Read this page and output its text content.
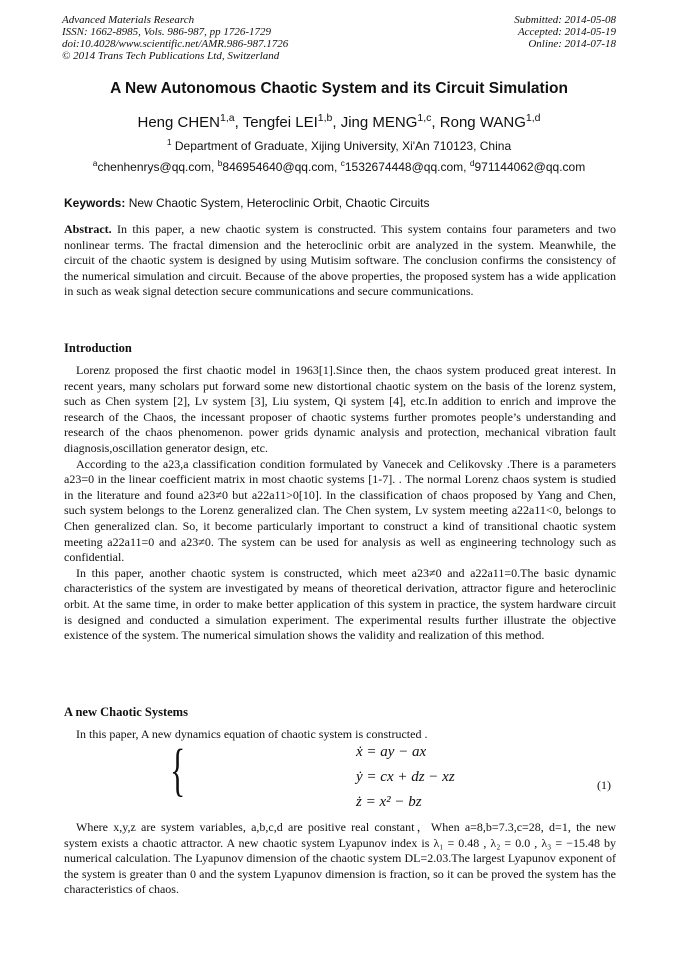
Advanced Materials Research
ISSN: 1662-8985, Vols. 986-987, pp 1726-1729
doi:10.4028/www.scientific.net/AMR.986-987.1726
© 2014 Trans Tech Publications Ltd, Switzerland
Submitted: 2014-05-08
Accepted: 2014-05-19
Online: 2014-07-18
A New Autonomous Chaotic System and its Circuit Simulation
Heng CHEN$^{1,a}$, Tengfei LEI$^{1,b}$, Jing MENG$^{1,c}$, Rong WANG$^{1,d}$
$^1$ Department of Graduate, Xijing University, Xi'An 710123, China
$^a$chenhenrys@qq.com, $^b$846954640@qq.com, $^c$1532674448@qq.com, $^d$971144062@qq.com
Keywords: New Chaotic System, Heteroclinic Orbit, Chaotic Circuits

Abstract. In this paper, a new chaotic system is constructed. This system contains four parameters and two nonlinear terms. The fractal dimension and the heteroclinic orbit are analyzed in the system. Meanwhile, the circuit of the chaotic system is designed by using Mutisim software. The conclusion confirms the consistency of the numerical simulation and circuit. Because of the above properties, the proposed system has a wide application in such as weak signal detection secure communications and secure communications.

Introduction

Lorenz proposed the first chaotic model in 1963[1].Since then, the chaos system produced great interest. In recent years, many scholars put forward some new distortional chaotic system on the basis of the lorenz system, such as Chen system [2], Lv system [3], Liu system, Qi system [4], etc.In addition to enrich and improve the research of the Chaos, the incessant proposer of chaotic systems further promotes people’s understanding and research of the chaos phenomenon. power grids dynamic analysis and protection, mechanical vibration fault diagnosis,oscillation generator design, etc.

According to the a23,a classification condition formulated by Vanecek and Celikovsky .There is a parameters a23=0 in the linear coefficient matrix in most chaotic systems [1-7]. . The normal Lorenz chaos system is studied in the literature and found a23≠0 but a22a11>0[10]. In the classification of chaos proposed by Yang and Chen, such system belongs to the Lorenz generalized clan. The Chen system, Lv system meeting a22a11<0, belongs to Chen generalized clan. So, it become particularly important to construct a kind of transitional chaotic system meeting a22a11=0 and a23≠0. The system can be used for analysis as well as engineering technology such as confidential.

In this paper, another chaotic system is constructed, which meet a23≠0 and a22a11=0.The basic dynamic characteristics of the system are investigated by means of theoretical derivation, attractor figure and heteroclinic orbit. At the same time, in order to make better application of this system in practice, the system hardware circuit is designed and conducted a simulation experiment. The experimental results further illustrate the objective existence of the system. The numerical simulation shows the validity and realization of this method.

A new Chaotic Systems

In this paper, A new dynamics equation of chaotic system is constructed .

{	ẋ = ay − ax
ẏ = cx + dz − xz
ż = x² − bz
(1)

Where x,y,z are system variables, a,b,c,d are positive real constant，When a=8,b=7.3,c=28, d=1, the new system exists a chaotic attractor. A new chaotic system Lyapunov index is λ₁ = 0.48 , λ₂ = 0.0 , λ₃ = −15.48 by numerical calculation. The Lyapunov dimension of the chaotic system DL=2.03.The largest Lyapunov exponent of the system is greater than 0 and the system Lyapunov dimension is fraction, so it can be proved the system has the characteristics of chaos.
